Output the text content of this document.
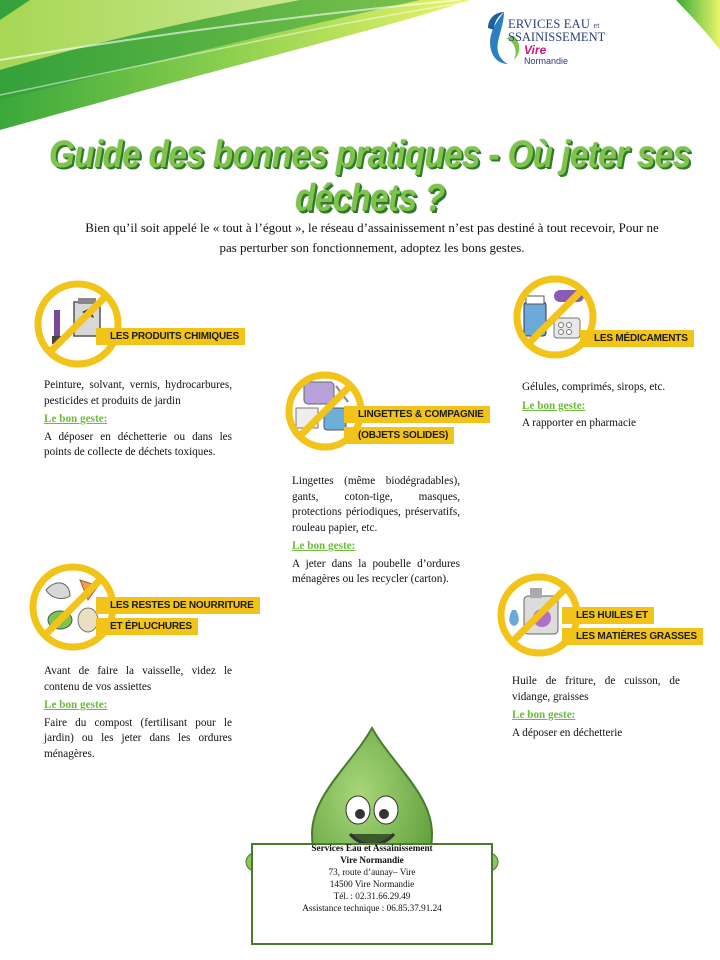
ERVICES EAU et
SSAINISSEMENT
Vire
Normandie
Guide des bonnes pratiques - Où jeter ses déchets ?
Bien qu’il soit appelé le « tout à l’égout », le réseau d’assainissement n’est pas destiné à tout recevoir, Pour ne pas perturber son fonctionnement, adoptez les bons gestes.
LES PRODUITS CHIMIQUES
Peinture, solvant, vernis, hydrocarbures, pesticides et produits de jardin
Le bon geste:
A déposer en déchetterie ou dans les points de collecte de déchets toxiques.
LES MÉDICAMENTS
Gélules, comprimés, sirops, etc.
Le bon geste:
A rapporter en pharmacie
LINGETTES & COMPAGNIE
(OBJETS SOLIDES)
Lingettes (même biodégradables), gants, coton-tige, masques, protections périodiques, préservatifs, rouleau papier, etc.
Le bon geste:
A jeter dans la poubelle d’ordures ménagères ou les recycler (carton).
LES RESTES DE NOURRITURE
ET ÉPLUCHURES
Avant de faire la vaisselle, videz le contenu de vos assiettes
Le bon geste:
Faire du compost (fertilisant pour le jardin) ou les jeter dans les ordures ménagères.
LES HUILES ET
LES MATIÈRES GRASSES
Huile de friture, de cuisson, de vidange, graisses
Le bon geste:
A déposer en déchetterie
Services Eau et Assainissement
Vire Normandie
73, route d’aunay– Vire
14500 Vire Normandie
Tél. : 02.31.66.29.49
Assistance technique : 06.85.37.91.24
